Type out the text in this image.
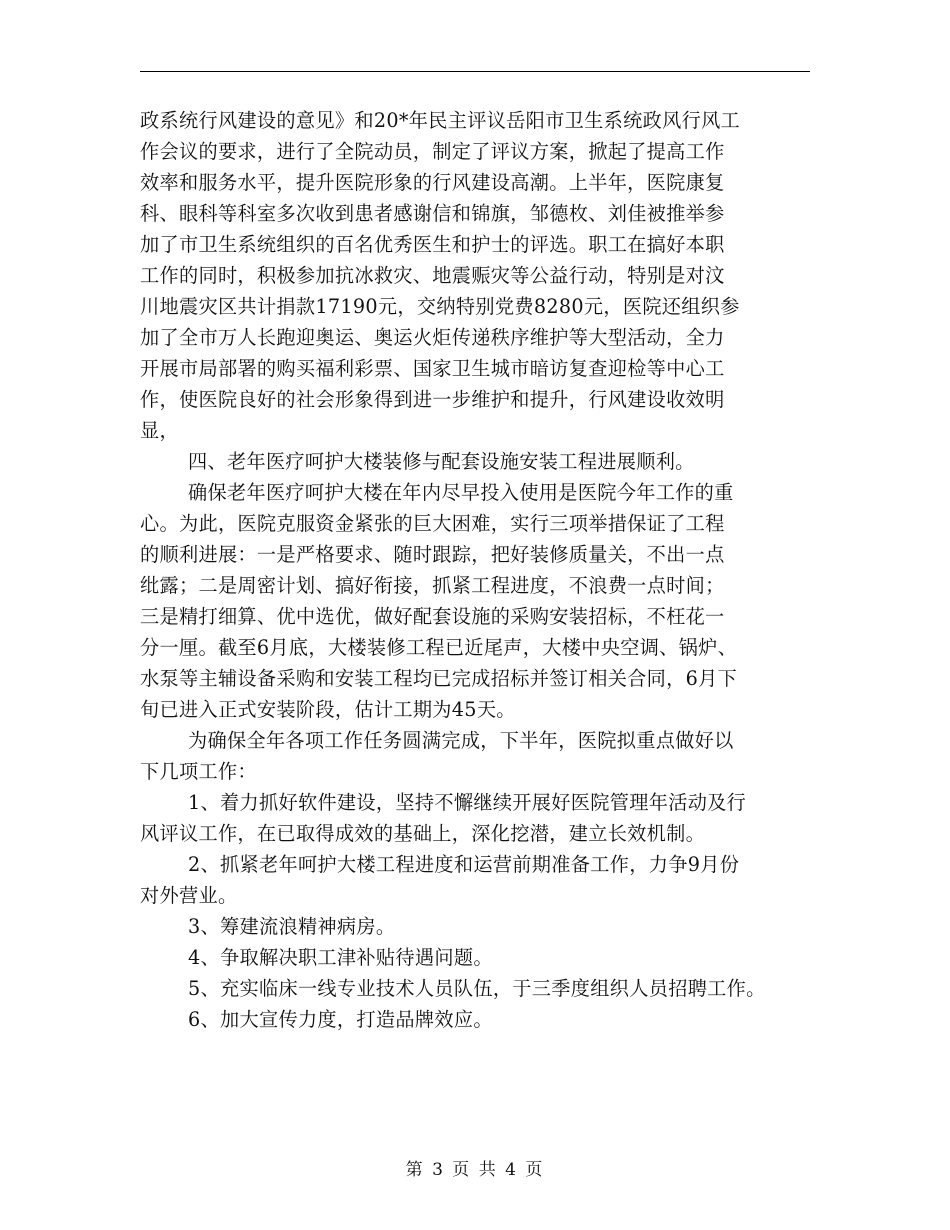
政系统行风建设的意见》和20*年民主评议岳阳市卫生系统政风行风工
作会议的要求，进行了全院动员，制定了评议方案，掀起了提高工作
效率和服务水平，提升医院形象的行风建设高潮。上半年，医院康复
科、眼科等科室多次收到患者感谢信和锦旗，邹德枚、刘佳被推举参
加了市卫生系统组织的百名优秀医生和护士的评选。职工在搞好本职
工作的同时，积极参加抗冰救灾、地震赈灾等公益行动，特别是对汶
川地震灾区共计捐款17190元，交纳特别党费8280元，医院还组织参
加了全市万人长跑迎奥运、奥运火炬传递秩序维护等大型活动，全力
开展市局部署的购买福利彩票、国家卫生城市暗访复查迎检等中心工
作，使医院良好的社会形象得到进一步维护和提升，行风建设收效明
显，
四、老年医疗呵护大楼装修与配套设施安装工程进展顺利。
确保老年医疗呵护大楼在年内尽早投入使用是医院今年工作的重
心。为此，医院克服资金紧张的巨大困难，实行三项举措保证了工程
的顺利进展：一是严格要求、随时跟踪，把好装修质量关，不出一点
纰露；二是周密计划、搞好衔接，抓紧工程进度，不浪费一点时间；
三是精打细算、优中选优，做好配套设施的采购安装招标，不枉花一
分一厘。截至6月底，大楼装修工程已近尾声，大楼中央空调、锅炉、
水泵等主辅设备采购和安装工程均已完成招标并签订相关合同，6月下
旬已进入正式安装阶段，估计工期为45天。
为确保全年各项工作任务圆满完成，下半年，医院拟重点做好以
下几项工作：
1、着力抓好软件建设，坚持不懈继续开展好医院管理年活动及行
风评议工作，在已取得成效的基础上，深化挖潜，建立长效机制。
2、抓紧老年呵护大楼工程进度和运营前期准备工作，力争9月份
对外营业。
3、筹建流浪精神病房。
4、争取解决职工津补贴待遇问题。
5、充实临床一线专业技术人员队伍，于三季度组织人员招聘工作。
6、加大宣传力度，打造品牌效应。
第 3 页 共 4 页
